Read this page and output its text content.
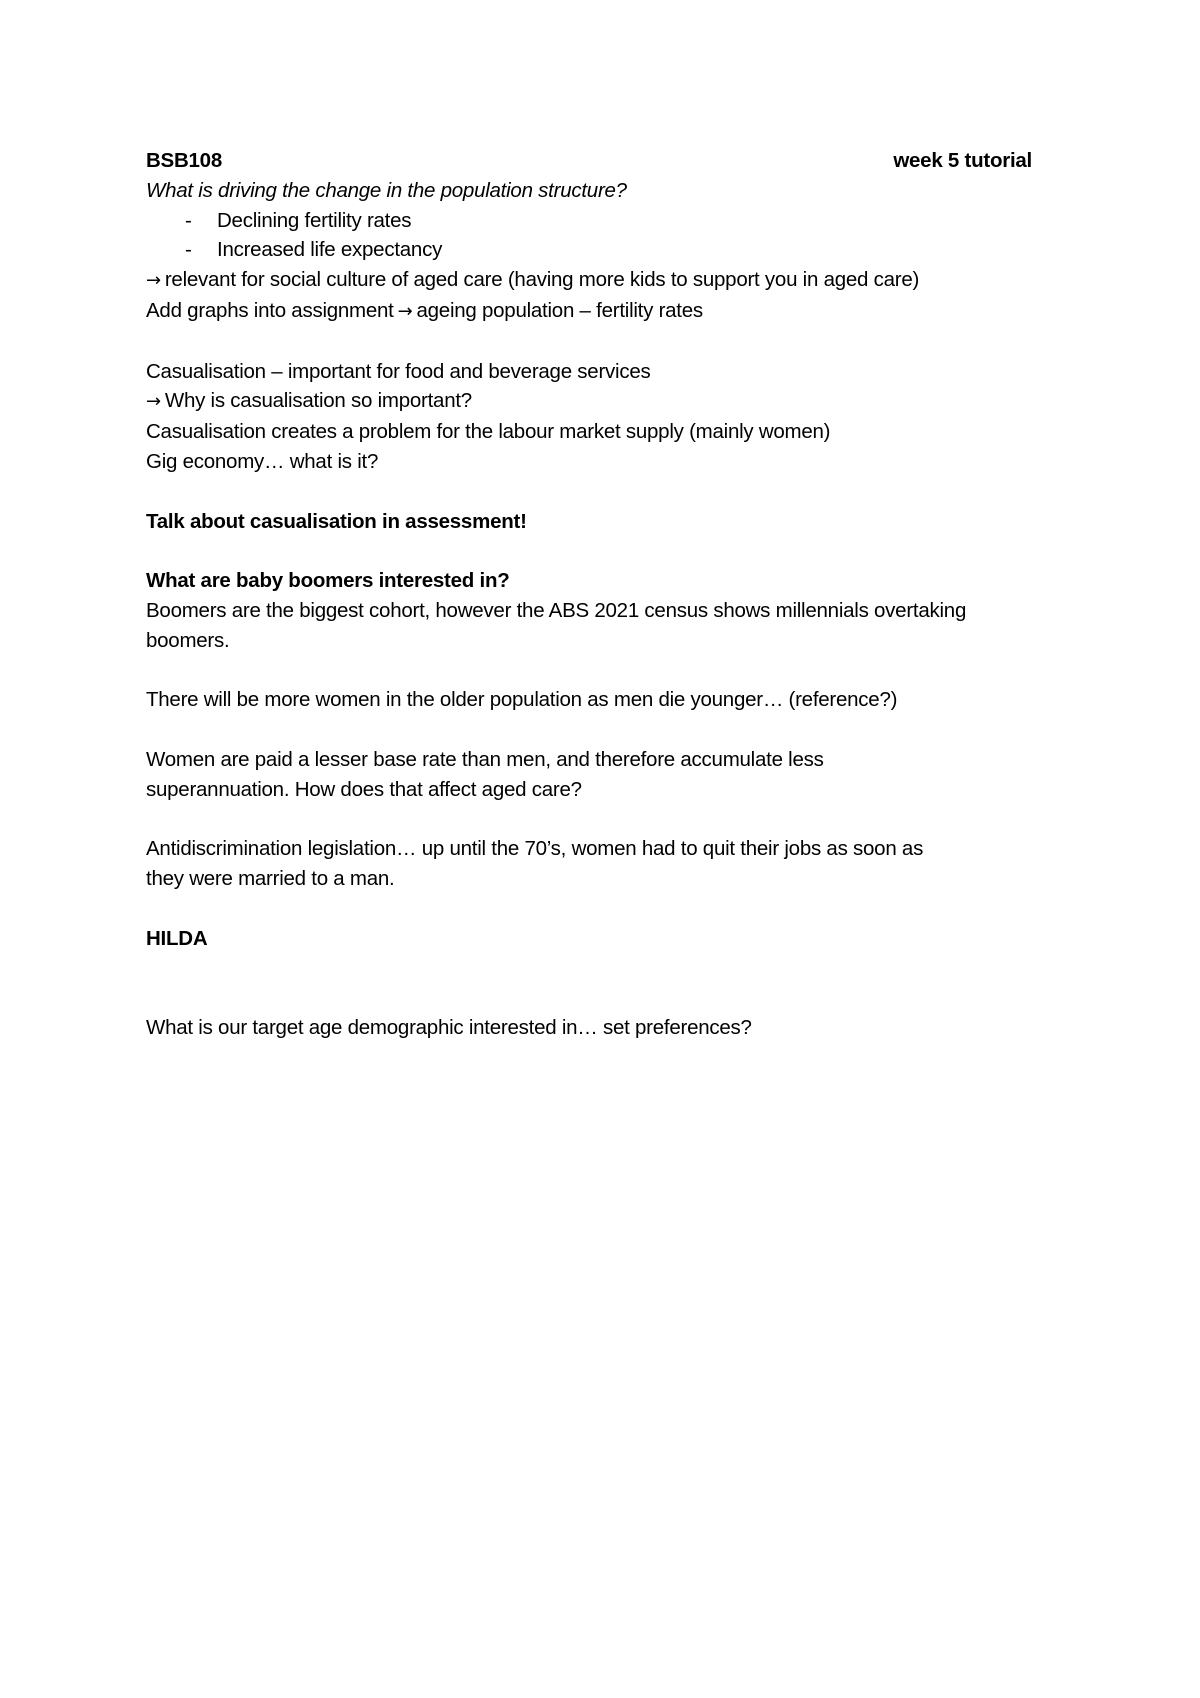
BSB108	week 5 tutorial
What is driving the change in the population structure?
-	Declining fertility rates
-	Increased life expectancy
→ relevant for social culture of aged care (having more kids to support you in aged care)
Add graphs into assignment → ageing population – fertility rates
Casualisation – important for food and beverage services
→ Why is casualisation so important?
Casualisation creates a problem for the labour market supply (mainly women)
Gig economy… what is it?
Talk about casualisation in assessment!
What are baby boomers interested in?
Boomers are the biggest cohort, however the ABS 2021 census shows millennials overtaking
boomers.
There will be more women in the older population as men die younger… (reference?)
Women are paid a lesser base rate than men, and therefore accumulate less
superannuation. How does that affect aged care?
Antidiscrimination legislation… up until the 70’s, women had to quit their jobs as soon as
they were married to a man.
HILDA
What is our target age demographic interested in… set preferences?
